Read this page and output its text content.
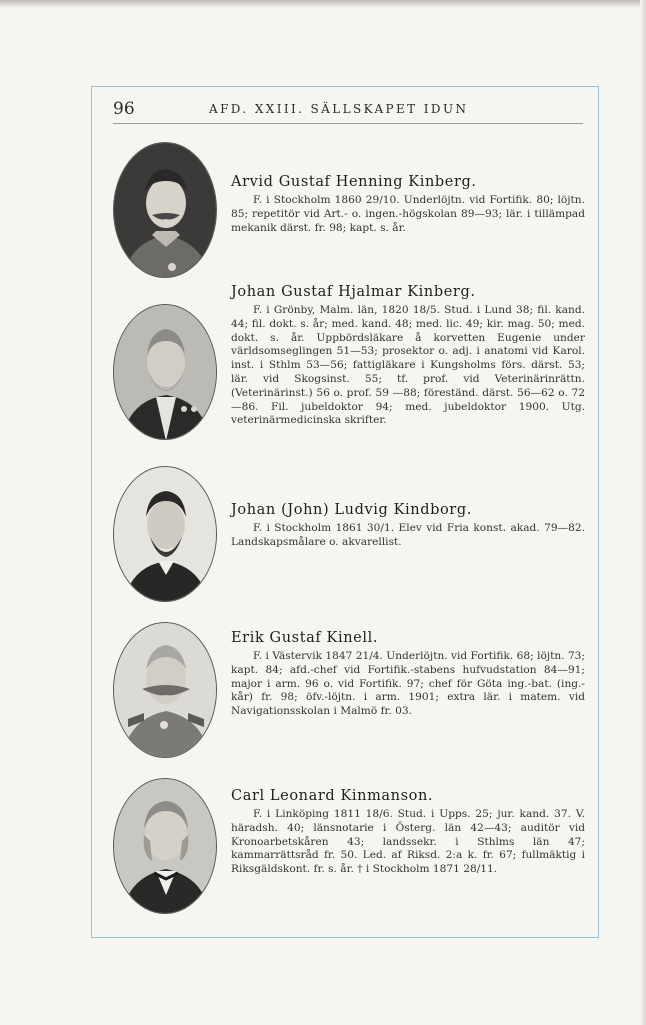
96	AFD. XXIII. SÄLLSKAPET IDUN
Arvid Gustaf Henning Kinberg.

F. i Stockholm 1860 29/10. Underlöjtn. vid Fortifik. 80; löjtn. 85; repetitör vid Art.- o. ingen.-högskolan 89—93; lär. i tillämpad mekanik därst. fr. 98; kapt. s. år.

Johan Gustaf Hjalmar Kinberg.

F. i Grönby, Malm. län, 1820 18/5. Stud. i Lund 38; fil. kand. 44; fil. dokt. s. år; med. kand. 48; med. lic. 49; kir. mag. 50; med. dokt. s. år. Uppbördsläkare å korvetten Eugenie under världsomseglingen 51—53; prosektor o. adj. i anatomi vid Karol. inst. i Sthlm 53—56; fattigläkare i Kungsholms förs. därst. 53; lär. vid Skogsinst. 55; tf. prof. vid Veterinärinrättn. (Veterinärinst.) 56 o. prof. 59 —88; föreständ. därst. 56—62 o. 72—86. Fil. jubeldoktor 94; med. jubeldoktor 1900. Utg. veterinärmedicinska skrifter.

Johan (John) Ludvig Kindborg.

F. i Stockholm 1861 30/1. Elev vid Fria konst. akad. 79—82. Landskapsmålare o. akvarellist.

Erik Gustaf Kinell.

F. i Västervik 1847 21/4. Underlöjtn. vid Fortifik. 68; löjtn. 73; kapt. 84; afd.-chef vid Fortifik.-stabens hufvudstation 84—91; major i arm. 96 o. vid Fortifik. 97; chef för Göta ing.-bat. (ing.-kår) fr. 98; öfv.-löjtn. i arm. 1901; extra lär. i matem. vid Navigationsskolan i Malmö fr. 03.

Carl Leonard Kinmanson.

F. i Linköping 1811 18/6. Stud. i Upps. 25; jur. kand. 37. V. häradsh. 40; länsnotarie i Österg. län 42—43; auditör vid Kronoarbetskåren 43; landssekr. i Sthlms län 47; kammarrättsråd fr. 50. Led. af Riksd. 2:a k. fr. 67; fullmäktig i Riksgäldskont. fr. s. år. † i Stockholm 1871 28/11.
